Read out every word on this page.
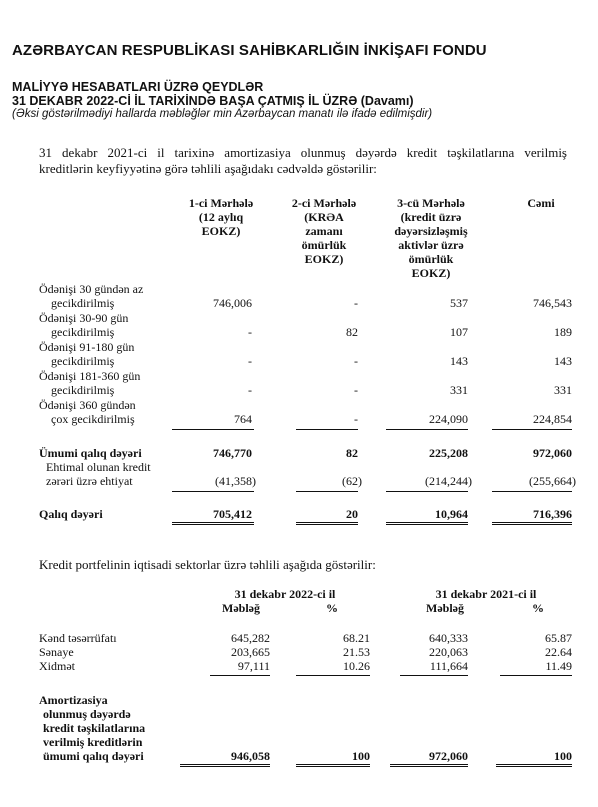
AZƏRBAYCAN RESPUBLİKASI SAHİBKARLIĞIN İNKİŞAFI FONDU
MALİYYƏ HESABATLARI ÜZRƏ QEYDLƏR
31 DEKABR 2022-Cİ İL TARİXİNDƏ BAŞA ÇATMIŞ İL ÜZRƏ (Davamı)
(Əksi göstərilmədiyi hallarda məbləğlər min Azərbaycan manatı ilə ifadə edilmişdir)
31 dekabr 2021-ci il tarixinə amortizasiya olunmuş dəyərdə kredit təşkilatlarına verilmiş
kreditlərin keyfiyyətinə görə təhlili aşağıdakı cədvəldə göstərilir:
1-ci Mərhələ
(12 aylıq
EOKZ)
2-ci Mərhələ
(KRƏA
zamanı
ömürlük
EOKZ)
3-cü Mərhələ
(kredit üzrə
dəyərsizləşmiş
aktivlər üzrə
ömürlük
EOKZ)
Cəmi
Ödənişi 30 gündən az
gecikdirilmiş	746,006	-	537	746,543
Ödənişi 30-90 gün
gecikdirilmiş	-	82	107	189
Ödənişi 91-180 gün
gecikdirilmiş	-	-	143	143
Ödənişi 181-360 gün
gecikdirilmiş	-	-	331	331
Ödənişi 360 gündən
çox gecikdirilmiş	764	-	224,090	224,854
Ümumi qalıq dəyəri	746,770	82	225,208	972,060
Ehtimal olunan kredit
zərəri üzrə ehtiyat	(41,358)	(62)	(214,244)	(255,664)
Qalıq dəyəri	705,412	20	10,964	716,396
Kredit portfelinin iqtisadi sektorlar üzrə təhlili aşağıda göstərilir:
31 dekabr 2022-ci il	31 dekabr 2021-ci il
Məbləğ	%	Məbləğ	%
Kənd təsərrüfatı	645,282	68.21	640,333	65.87
Sənaye	203,665	21.53	220,063	22.64
Xidmət	97,111	10.26	111,664	11.49
Amortizasiya
olunmuş dəyərdə
kredit təşkilatlarına
verilmiş kreditlərin
ümumi qalıq dəyəri	946,058	100	972,060	100
